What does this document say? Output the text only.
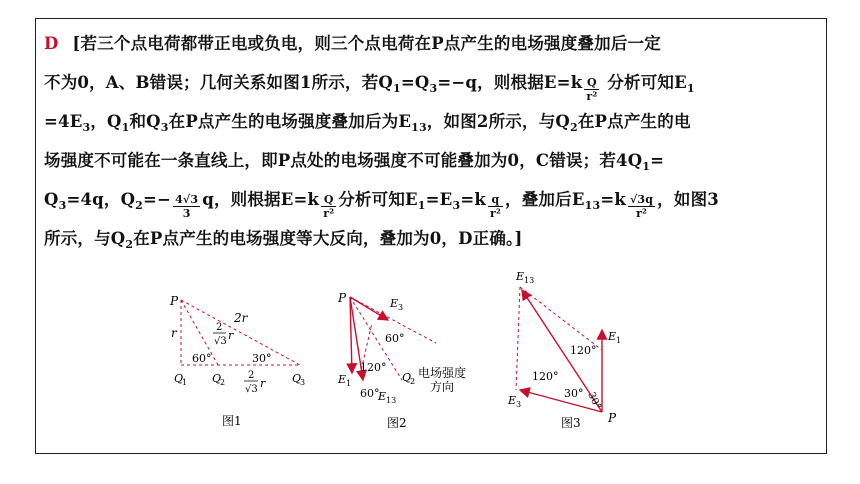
D [若三个点电荷都带正电或负电，则三个点电荷在P点产生的电场强度叠加后一定
不为0，A、B错误；几何关系如图1所示，若$Q_1=Q_3=-q$，则根据$E=k \frac{Q}{\text{r²}}$ 分析可知$E_1$
$=4E_3$，$Q_1$和$Q_3$在P点产生的电场强度叠加后为$E_{13}$，如图2所示，与$Q_2$在P点产生的电
场强度不可能在一条直线上，即P点处的电场强度不可能叠加为0，C错误；若$4Q_1=$
$Q_3=4q$，$Q_2=- \frac{4√3}{3}$ q，则根据$E=k \frac{Q}{\text{r²}}$ 分析可知$E_1=E_3=k \frac{q}{\text{r²}}$ ，叠加后$E_{13}=k \frac{√3q}{\text{r²}}$ ，如图3
所示，与$Q_2$在P点产生的电场强度等大反向，叠加为0，D正确。]
P
r
2r
2
√3 r
60°	30°
Q
1 Q
2	Q
3
2
√3 r
图1
P	E 3
60°
120°
E 1
60°
E 13
Q
2
电场强度
方向
图2
E 13
E 1
120°
120°
30° 30°
E 3
P
图3
